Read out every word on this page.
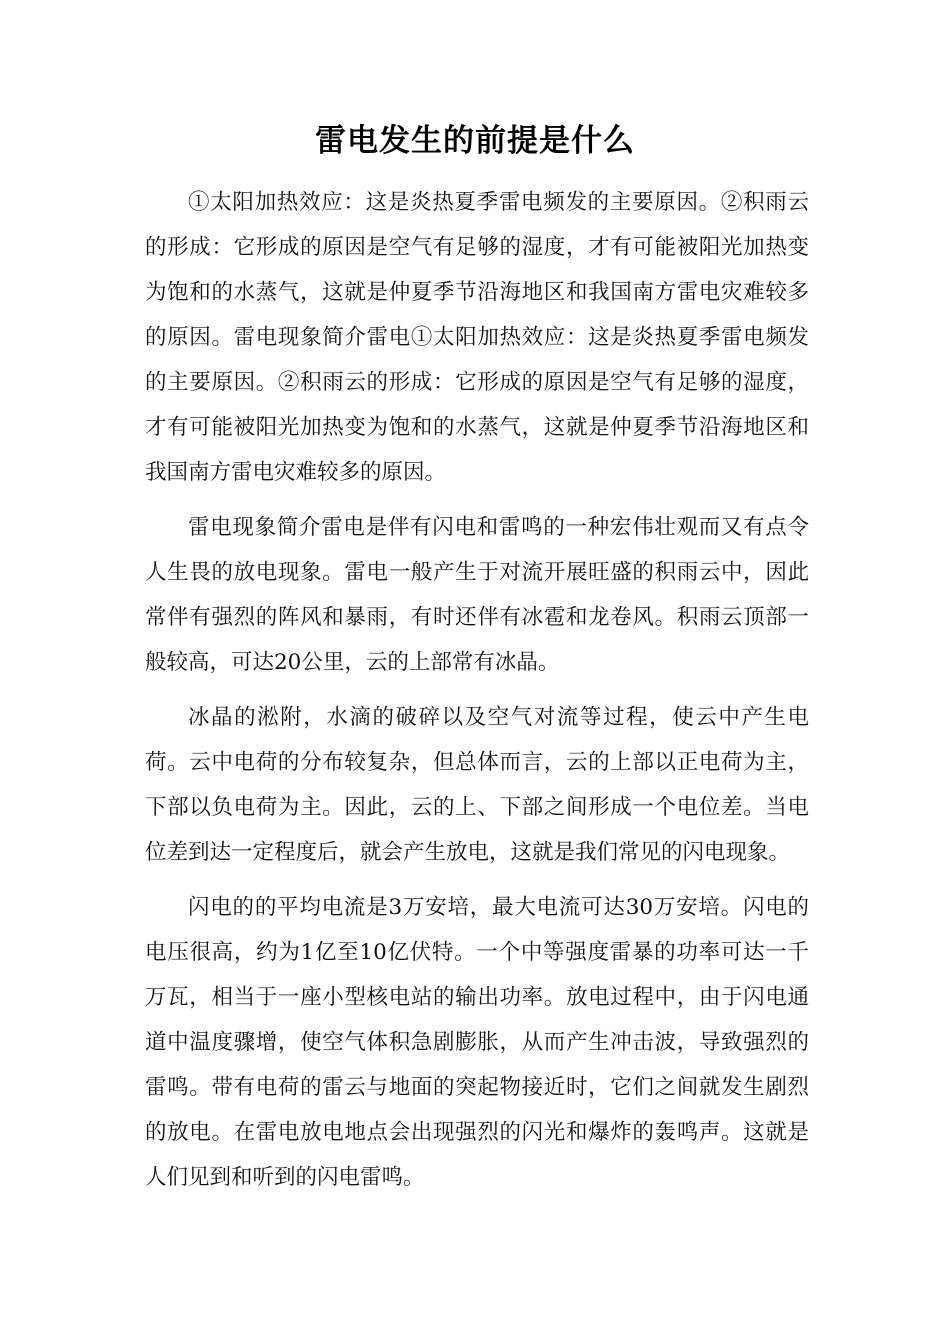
雷电发生的前提是什么

①太阳加热效应：这是炎热夏季雷电频发的主要原因。②积雨云的形成：它形成的原因是空气有足够的湿度，才有可能被阳光加热变为饱和的水蒸气，这就是仲夏季节沿海地区和我国南方雷电灾难较多的原因。雷电现象简介雷电①太阳加热效应：这是炎热夏季雷电频发的主要原因。②积雨云的形成：它形成的原因是空气有足够的湿度，才有可能被阳光加热变为饱和的水蒸气，这就是仲夏季节沿海地区和我国南方雷电灾难较多的原因。

雷电现象简介雷电是伴有闪电和雷鸣的一种宏伟壮观而又有点令人生畏的放电现象。雷电一般产生于对流开展旺盛的积雨云中，因此常伴有强烈的阵风和暴雨，有时还伴有冰雹和龙卷风。积雨云顶部一般较高，可达20公里，云的上部常有冰晶。

冰晶的淞附，水滴的破碎以及空气对流等过程，使云中产生电荷。云中电荷的分布较复杂，但总体而言，云的上部以正电荷为主，下部以负电荷为主。因此，云的上、下部之间形成一个电位差。当电位差到达一定程度后，就会产生放电，这就是我们常见的闪电现象。

闪电的的平均电流是3万安培，最大电流可达30万安培。闪电的电压很高，约为1亿至10亿伏特。一个中等强度雷暴的功率可达一千万瓦，相当于一座小型核电站的输出功率。放电过程中，由于闪电通道中温度骤增，使空气体积急剧膨胀，从而产生冲击波，导致强烈的雷鸣。带有电荷的雷云与地面的突起物接近时，它们之间就发生剧烈的放电。在雷电放电地点会出现强烈的闪光和爆炸的轰鸣声。这就是人们见到和听到的闪电雷鸣。
